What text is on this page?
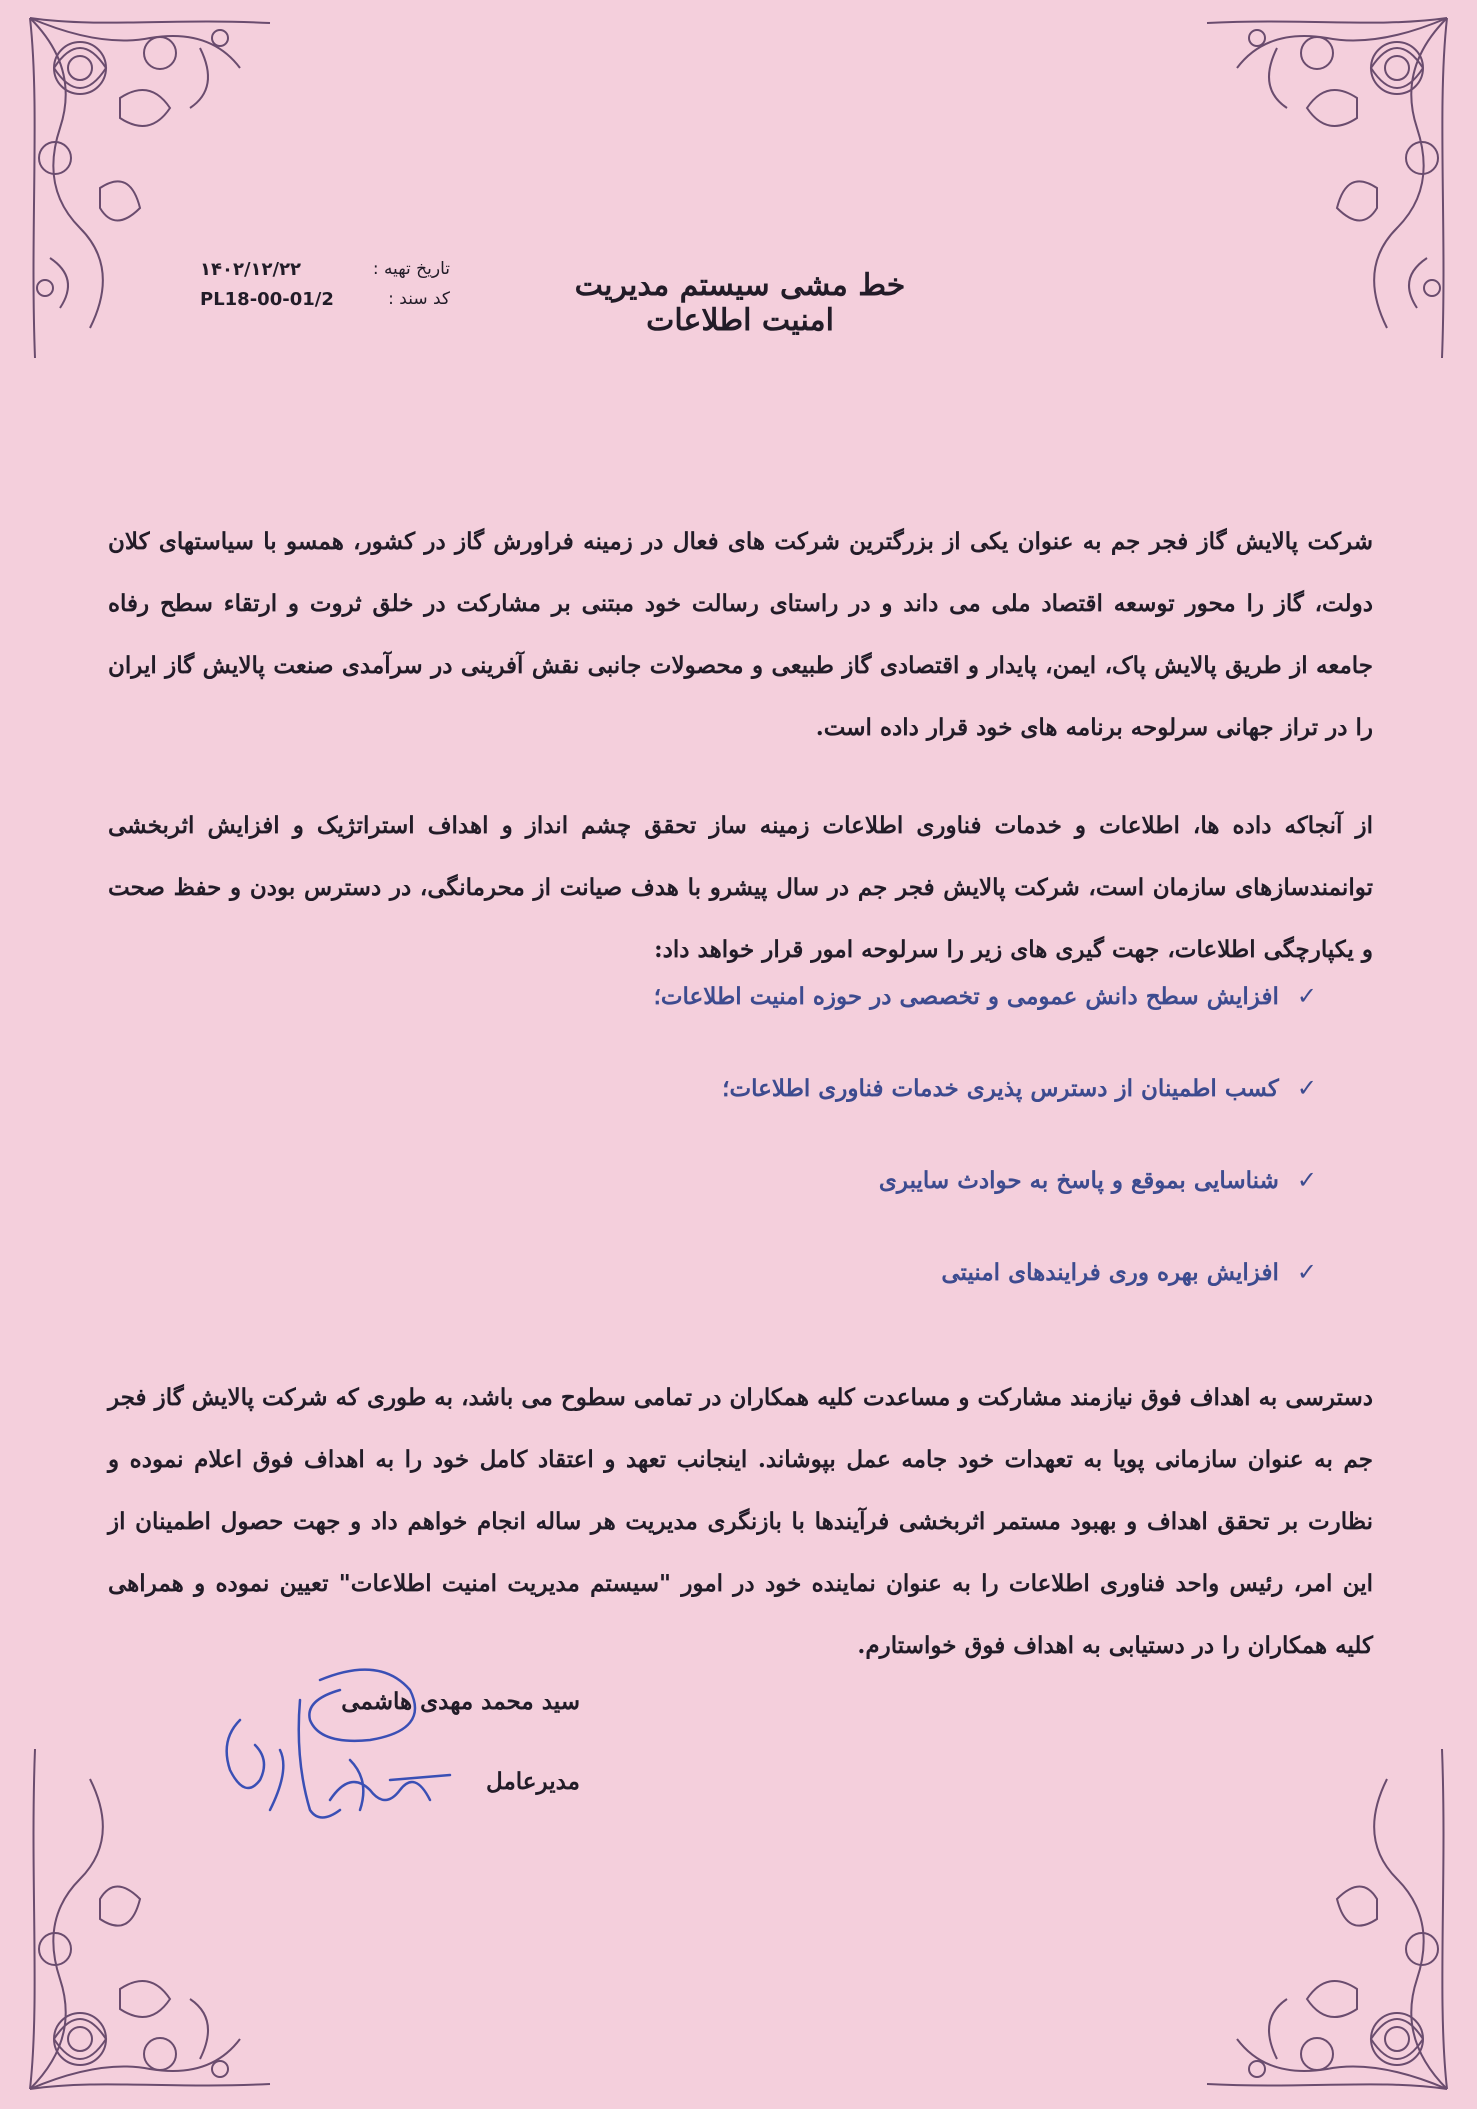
خط مشی سیستم مدیریت امنیت اطلاعات
۱۴۰۲/۱۲/۲۲	تاریخ تهیه :
PL18-00-01/2	کد سند :

شرکت پالایش گاز فجر جم به عنوان یکی از بزرگترین شرکت های فعال در زمینه فراورش گاز در کشور، همسو با سیاستهای کلان دولت، گاز را محور توسعه اقتصاد ملی می داند و در راستای رسالت خود مبتنی بر مشارکت در خلق ثروت و ارتقاء سطح رفاه جامعه از طریق پالایش پاک، ایمن، پایدار و اقتصادی گاز طبیعی و محصولات جانبی نقش آفرینی در سرآمدی صنعت پالایش گاز ایران را در تراز جهانی سرلوحه برنامه های خود قرار داده است.

از آنجاکه داده ها، اطلاعات و خدمات فناوری اطلاعات زمینه ساز تحقق چشم انداز و اهداف استراتژیک و افزایش اثربخشی توانمندسازهای سازمان است، شرکت پالایش فجر جم در سال پیشرو با هدف صیانت از محرمانگی، در دسترس بودن و حفظ صحت و یکپارچگی اطلاعات، جهت گیری های زیر را سرلوحه امور قرار خواهد داد:

✓
افزایش سطح دانش عمومی و تخصصی در حوزه امنیت اطلاعات؛
✓
کسب اطمینان از دسترس پذیری خدمات فناوری اطلاعات؛
✓
شناسایی بموقع و پاسخ به حوادث سایبری
✓
افزایش بهره وری فرایندهای امنیتی

دسترسی به اهداف فوق نیازمند مشارکت و مساعدت کلیه همکاران در تمامی سطوح می باشد، به طوری که شرکت پالایش گاز فجر جم به عنوان سازمانی پویا به تعهدات خود جامه عمل بپوشاند. اینجانب تعهد و اعتقاد کامل خود را به اهداف فوق اعلام نموده و نظارت بر تحقق اهداف و بهبود مستمر اثربخشی فرآیندها با بازنگری مدیریت هر ساله انجام خواهم داد و جهت حصول اطمینان از این امر، رئیس واحد فناوری اطلاعات را به عنوان نماینده خود در امور "سیستم مدیریت امنیت اطلاعات" تعیین نموده و همراهی کلیه همکاران را در دستیابی به اهداف فوق خواستارم.

سید محمد مهدی هاشمی
مدیرعامل
